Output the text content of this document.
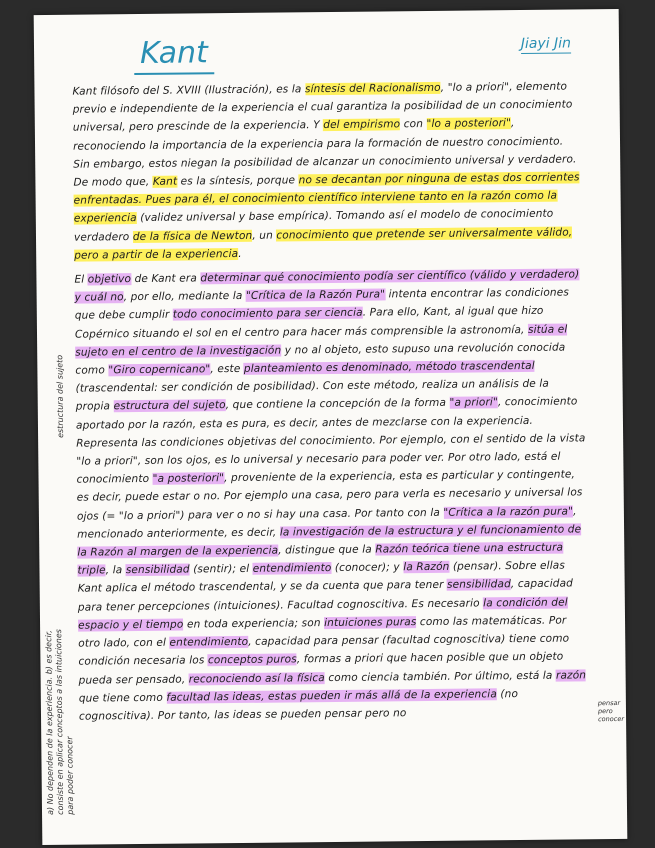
Kant	Jiayi Jin

Kant filósofo del S. XVIII (Ilustración), es la síntesis del Racionalismo, "lo a priori", elemento previo e independiente de la experiencia el cual garantiza la posibilidad de un conocimiento universal, pero prescinde de la experiencia. Y del empirismo con "lo a posteriori", reconociendo la importancia de la experiencia para la formación de nuestro conocimiento. Sin embargo, estos niegan la posibilidad de alcanzar un conocimiento universal y verdadero. De modo que, Kant es la síntesis, porque no se decantan por ninguna de estas dos corrientes enfrentadas. Pues para él, el conocimiento científico interviene tanto en la razón como la experiencia (validez universal y base empírica). Tomando así el modelo de conocimiento verdadero de la física de Newton, un conocimiento que pretende ser universalmente válido, pero a partir de la experiencia.

El objetivo de Kant era determinar qué conocimiento podía ser científico (válido y verdadero) y cuál no, por ello, mediante la "Crítica de la Razón Pura" intenta encontrar las condiciones que debe cumplir todo conocimiento para ser ciencia. Para ello, Kant, al igual que hizo Copérnico situando el sol en el centro para hacer más comprensible la astronomía, sitúa el sujeto en el centro de la investigación y no al objeto, esto supuso una revolución conocida como "Giro copernicano", este planteamiento es denominado, método trascendental (trascendental: ser condición de posibilidad). Con este método, realiza un análisis de la propia estructura del sujeto, que contiene la concepción de la forma "a priori", conocimiento aportado por la razón, esta es pura, es decir, antes de mezclarse con la experiencia. Representa las condiciones objetivas del conocimiento. Por ejemplo, con el sentido de la vista "lo a priori", son los ojos, es lo universal y necesario para poder ver. Por otro lado, está el conocimiento "a posteriori", proveniente de la experiencia, esta es particular y contingente, es decir, puede estar o no. Por ejemplo una casa, pero para verla es necesario y universal los ojos (= "lo a priori") para ver o no si hay una casa. Por tanto con la "Crítica a la razón pura", mencionado anteriormente, es decir, la investigación de la estructura y el funcionamiento de la Razón al margen de la experiencia, distingue que la Razón teórica tiene una estructura triple, la sensibilidad (sentir); el entendimiento (conocer); y la Razón (pensar). Sobre ellas Kant aplica el método trascendental, y se da cuenta que para tener sensibilidad, capacidad para tener percepciones (intuiciones). Facultad cognoscitiva. Es necesario la condición del espacio y el tiempo en toda experiencia; son intuiciones puras como las matemáticas. Por otro lado, con el entendimiento, capacidad para pensar (facultad cognoscitiva) tiene como condición necesaria los conceptos puros, formas a priori que hacen posible que un objeto pueda ser pensado, reconociendo así la física como ciencia también. Por último, está la razón que tiene como facultad las ideas, estas pueden ir más allá de la experiencia (no cognoscitiva). Por tanto, las ideas se pueden pensar pero no

estructura del sujeto
a) No dependen de la experiencia. b) es decir, consiste en aplicar conceptos a las intuiciones para poder conocer
pensar pero conocer
